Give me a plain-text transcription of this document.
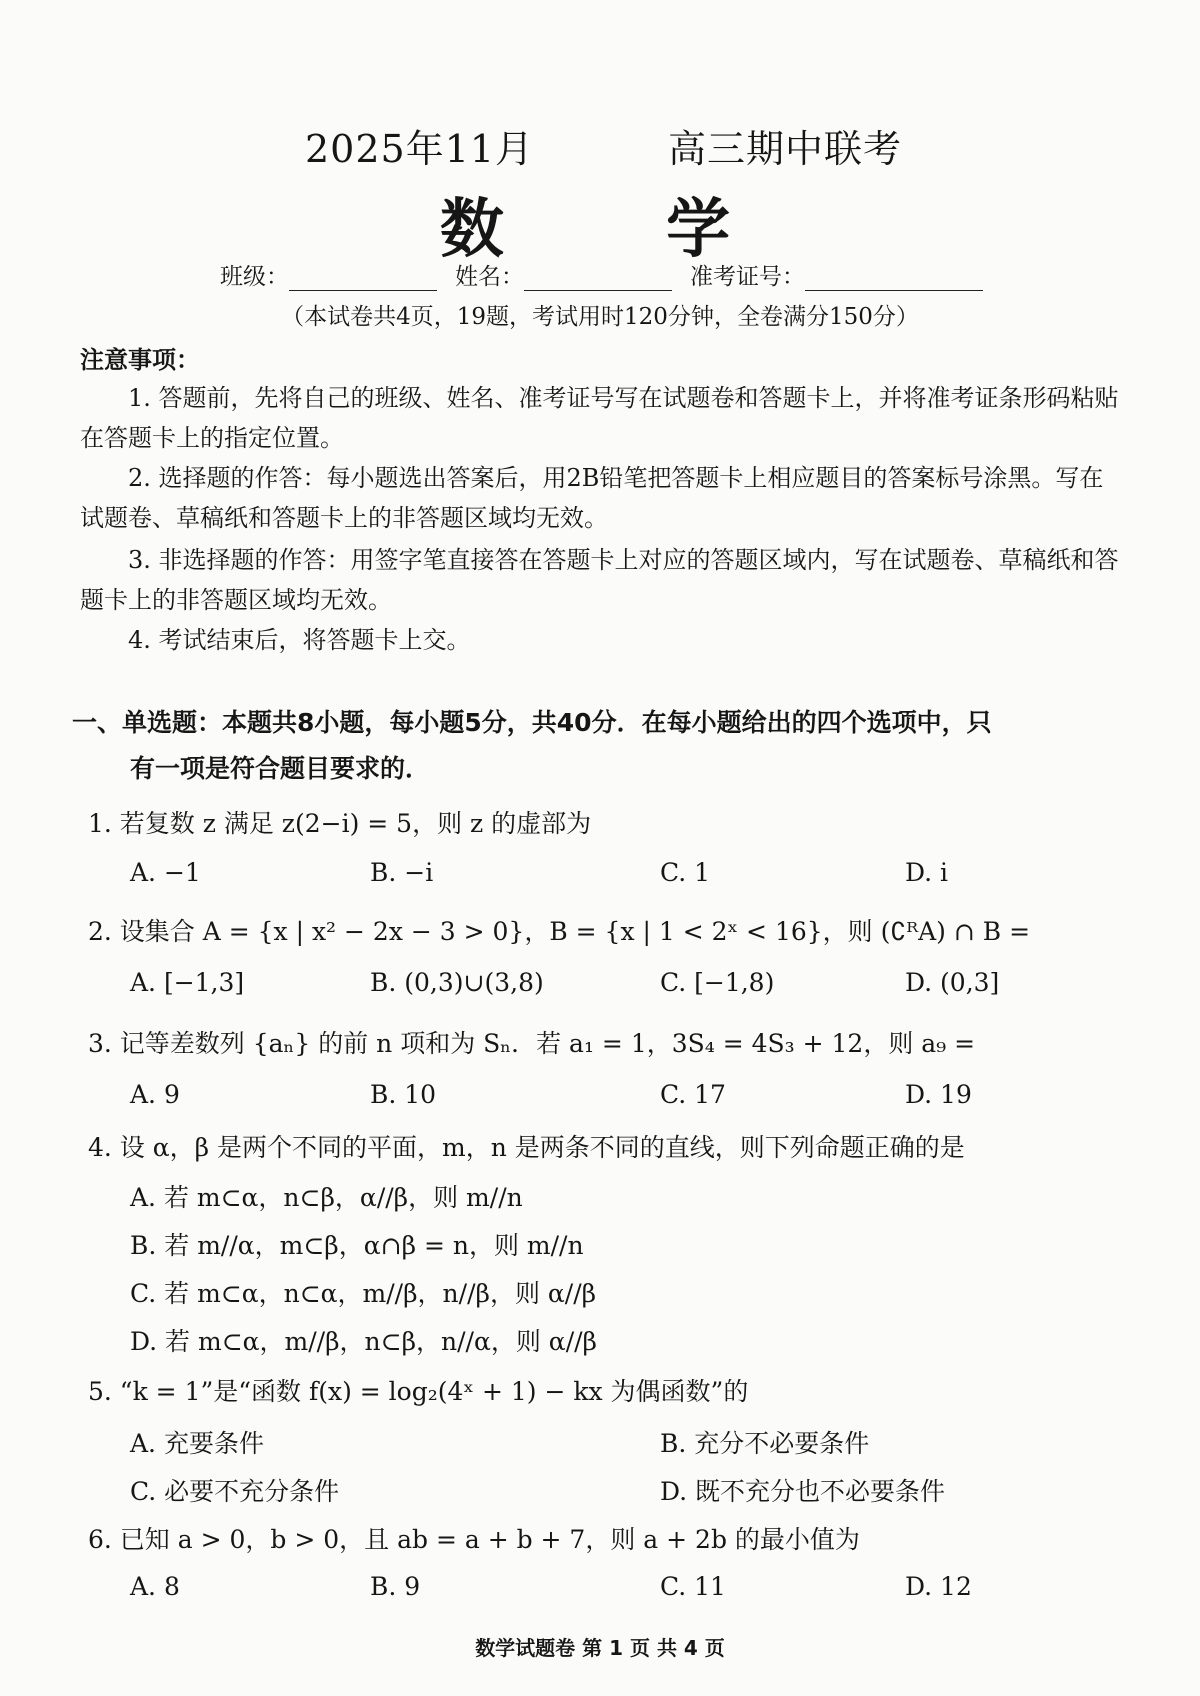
2025年11月	高三期中联考
数 学
班级：	姓名：	准考证号：
（本试卷共4页，19题，考试用时120分钟，全卷满分150分）
注意事项：
1. 答题前，先将自己的班级、姓名、准考证号写在试题卷和答题卡上，并将准考证条形码粘贴在答题卡上的指定位置。
2. 选择题的作答：每小题选出答案后，用2B铅笔把答题卡上相应题目的答案标号涂黑。写在试题卷、草稿纸和答题卡上的非答题区域均无效。
3. 非选择题的作答：用签字笔直接答在答题卡上对应的答题区域内，写在试题卷、草稿纸和答题卡上的非答题区域均无效。
4. 考试结束后，将答题卡上交。
一、单选题：本题共8小题，每小题5分，共40分．在每小题给出的四个选项中，只
有一项是符合题目要求的．
1. 若复数 z 满足 z(2−i) = 5，则 z 的虚部为
A. −1	B. −i	C. 1	D. i
2. 设集合 A = {x | x² − 2x − 3 > 0}，B = {x | 1 < 2ˣ < 16}，则 (∁ᴿA) ∩ B =
A. [−1,3]	B. (0,3)∪(3,8)	C. [−1,8)	D. (0,3]
3. 记等差数列 {aₙ} 的前 n 项和为 Sₙ．若 a₁ = 1，3S₄ = 4S₃ + 12，则 a₉ =
A. 9	B. 10	C. 17	D. 19
4. 设 α，β 是两个不同的平面，m，n 是两条不同的直线，则下列命题正确的是
A. 若 m⊂α，n⊂β，α//β，则 m//n
B. 若 m//α，m⊂β，α∩β = n，则 m//n
C. 若 m⊂α，n⊂α，m//β，n//β，则 α//β
D. 若 m⊂α，m//β，n⊂β，n//α，则 α//β
5. “k = 1”是“函数 f(x) = log₂(4ˣ + 1) − kx 为偶函数”的
A. 充要条件	B. 充分不必要条件
C. 必要不充分条件	D. 既不充分也不必要条件
6. 已知 a > 0，b > 0，且 ab = a + b + 7，则 a + 2b 的最小值为
A. 8	B. 9	C. 11	D. 12
数学试题卷 第 1 页 共 4 页
